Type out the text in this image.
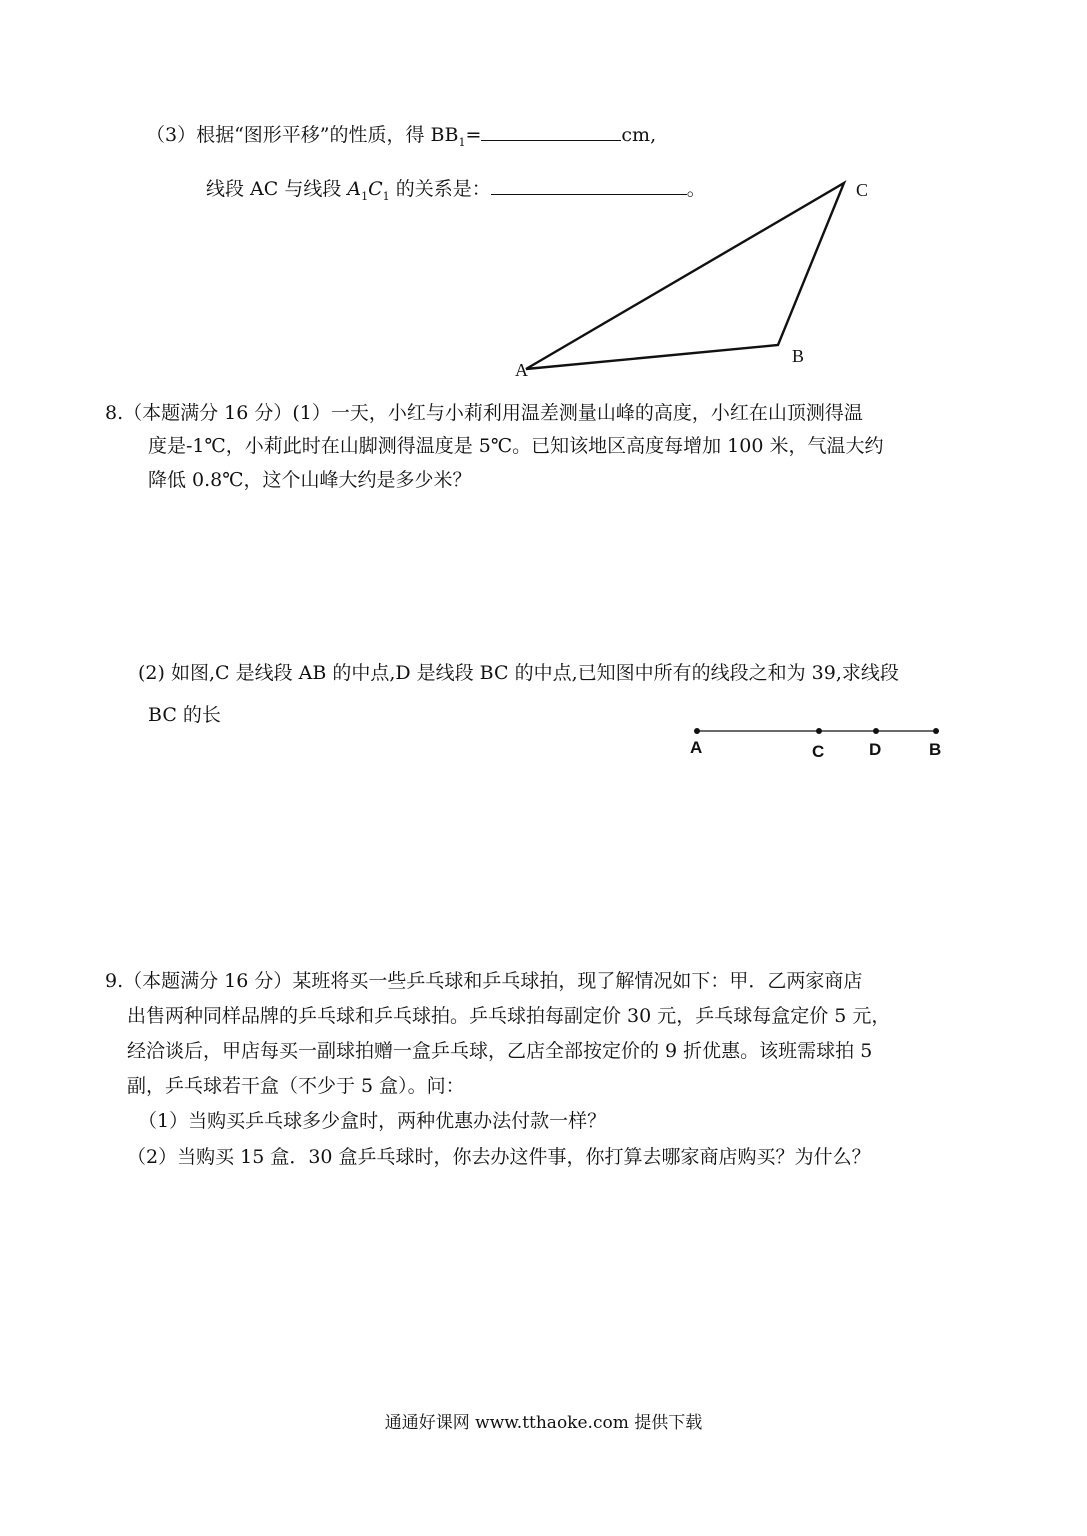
（3）根据“图形平移”的性质，得 $BB_1=$	cm,
线段 AC 与线段 $A_1C_1$ 的关系是：	。
A
B
C
A	C	D	B
8.（本题满分 16 分）(1）一天，小红与小莉利用温差测量山峰的高度，小红在山顶测得温
度是-1℃，小莉此时在山脚测得温度是 5℃。已知该地区高度每增加 100 米，气温大约
降低 0.8℃，这个山峰大约是多少米？
(2) 如图,C 是线段 AB 的中点,D 是线段 BC 的中点,已知图中所有的线段之和为 39,求线段
BC 的长
9.（本题满分 16 分）某班将买一些乒乓球和乒乓球拍，现了解情况如下：甲．乙两家商店
出售两种同样品牌的乒乓球和乒乓球拍。乒乓球拍每副定价 30 元，乒乓球每盒定价 5 元，
经洽谈后，甲店每买一副球拍赠一盒乒乓球，乙店全部按定价的 9 折优惠。该班需球拍 5
副，乒乓球若干盒（不少于 5 盒）。问：
（1）当购买乒乓球多少盒时，两种优惠办法付款一样？
（2）当购买 15 盒．30 盒乒乓球时，你去办这件事，你打算去哪家商店购买？为什么？
通通好课网 www.tthaoke.com 提供下载
